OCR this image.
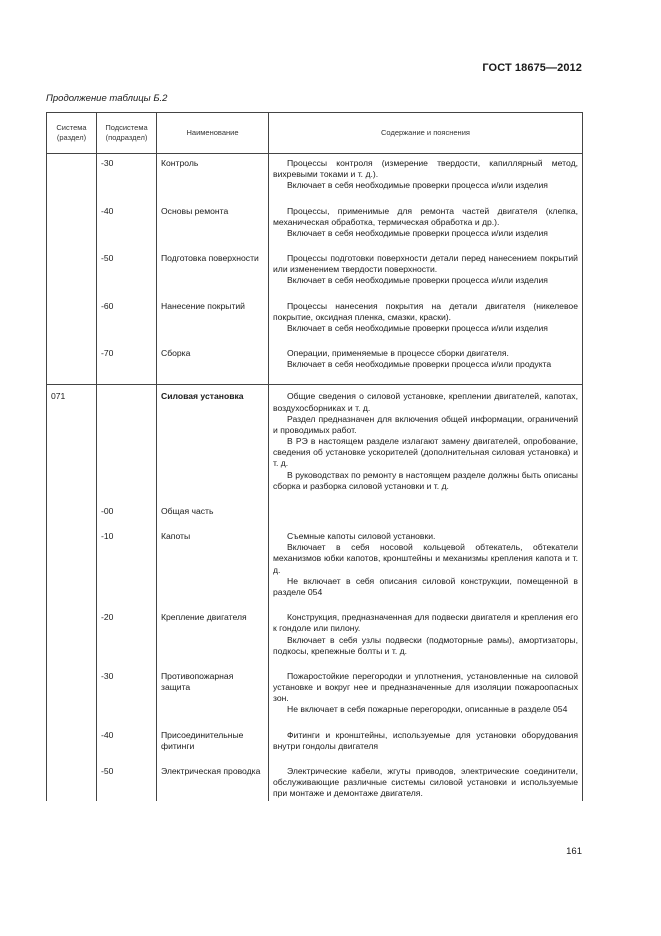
ГОСТ 18675—2012
Продолжение таблицы Б.2
Система (раздел)	Подсистема (подраздел)	Наименование	Содержание и пояснения
	-30	Контроль	Процессы контроля (измерение твердости, капиллярный метод, вихревыми токами и т. д.).
Включает в себя необходимые проверки процесса и/или изделия

	-40	Основы ремонта	Процессы, применимые для ремонта частей двигателя (клепка, механическая обработка, термическая обработка и др.).
Включает в себя необходимые проверки процесса и/или изделия

	-50	Подготовка поверхности	Процессы подготовки поверхности детали перед нанесением покрытий или изменением твердости поверхности.
Включает в себя необходимые проверки процесса и/или изделия

	-60	Нанесение покрытий	Процессы нанесения покрытия на детали двигателя (никелевое покрытие, оксидная пленка, смазки, краски).
Включает в себя необходимые проверки процесса и/или изделия

	-70	Сборка	Операции, применяемые в процессе сборки двигателя.
Включает в себя необходимые проверки процесса и/или продукта

071		Силовая установка	Общие сведения о силовой установке, креплении двигателей, капотах, воздухосборниках и т. д.
Раздел предназначен для включения общей информации, ограничений и проводимых работ.
В РЭ в настоящем разделе излагают замену двигателей, опробование, сведения об установке ускорителей (дополнительная силовая установка) и т. д.
В руководствах по ремонту в настоящем разделе должны быть описаны сборка и разборка силовой установки и т. д.

	-00	Общая часть	
	-10	Капоты	Съемные капоты силовой установки.
Включает в себя носовой кольцевой обтекатель, обтекатели механизмов юбки капотов, кронштейны и механизмы крепления капота и т. д.
Не включает в себя описания силовой конструкции, помещенной в разделе 054

	-20	Крепление двигателя	Конструкция, предназначенная для подвески двигателя и крепления его к гондоле или пилону.
Включает в себя узлы подвески (подмоторные рамы), амортизаторы, подкосы, крепежные болты и т. д.

	-30	Противопожарная защита	Пожаростойкие перегородки и уплотнения, установленные на силовой установке и вокруг нее и предназначенные для изоляции пожароопасных зон.
Не включает в себя пожарные перегородки, описанные в разделе 054

	-40	Присоединительные фитинги	Фитинги и кронштейны, используемые для установки оборудования внутри гондолы двигателя

	-50	Электрическая проводка	Электрические кабели, жгуты приводов, электрические соединители, обслуживающие различные системы силовой установки и используемые при монтаже и демонтаже двигателя.
161
